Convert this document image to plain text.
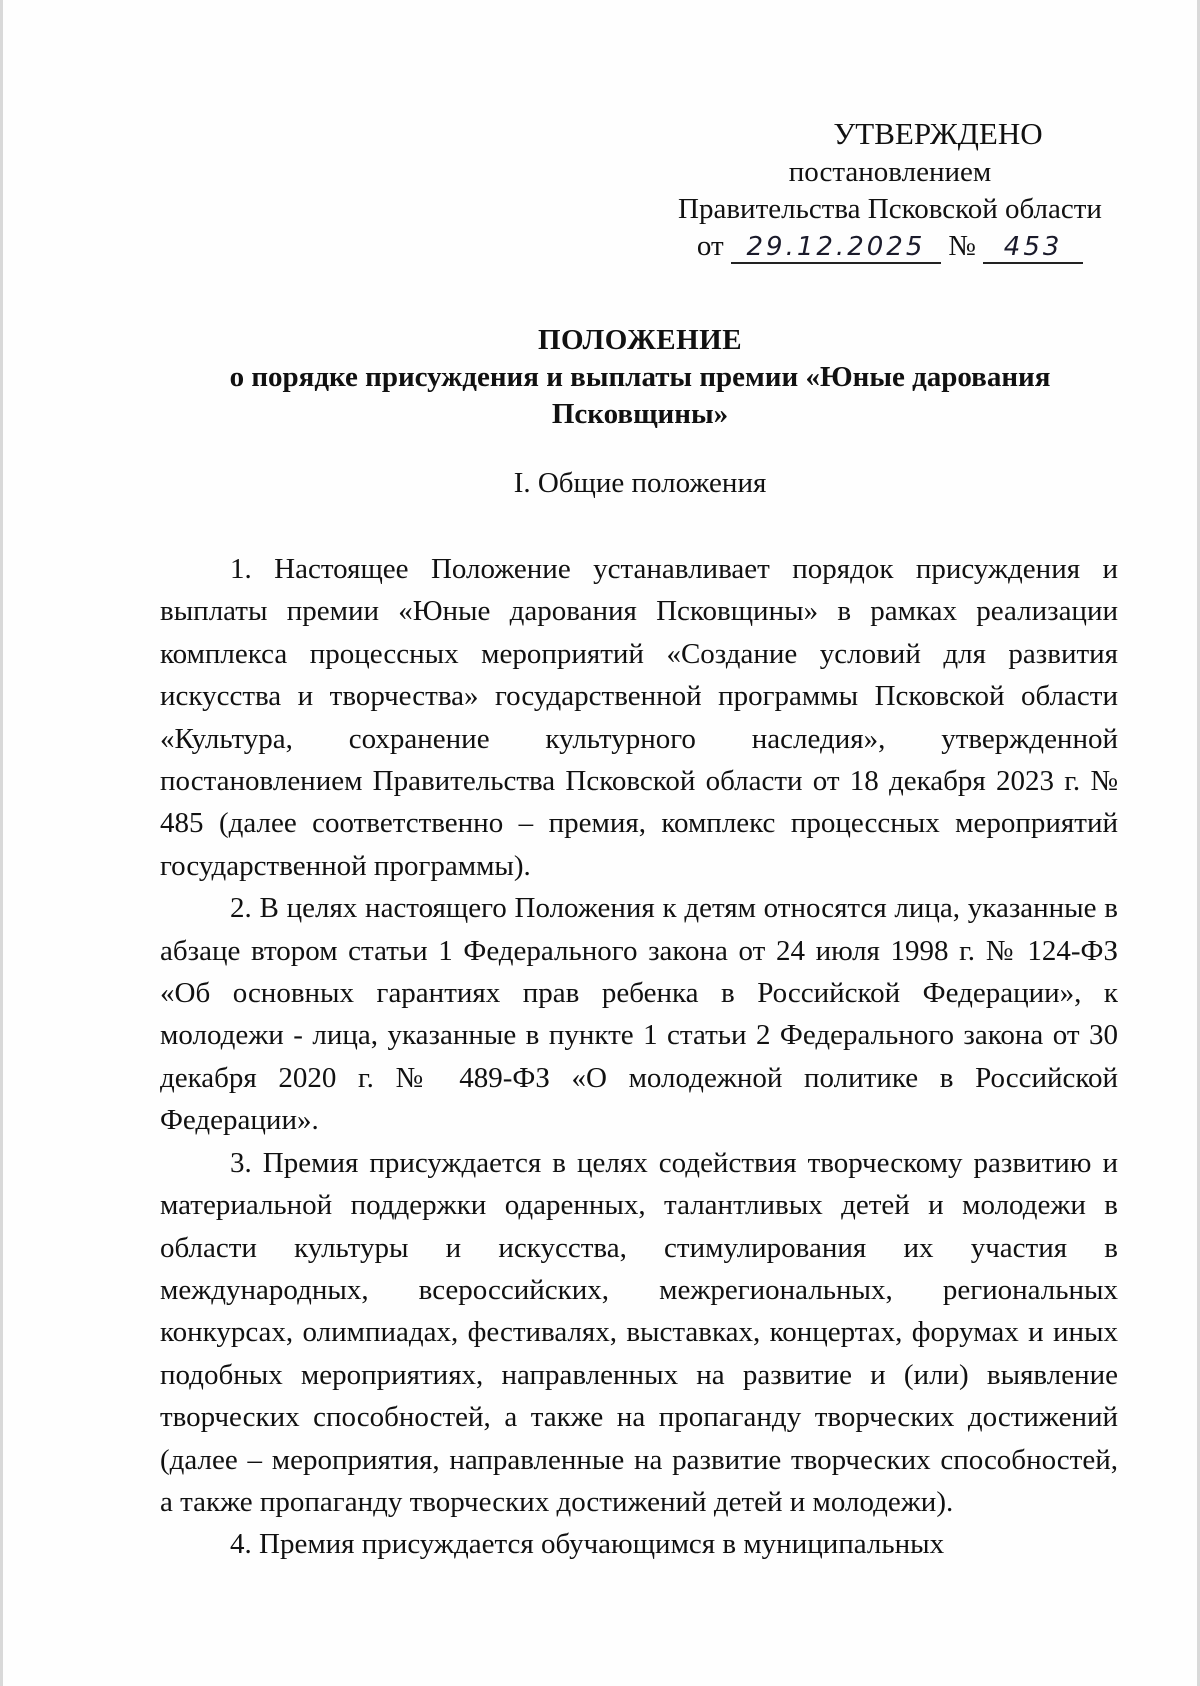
УТВЕРЖДЕНО
постановлением
Правительства Псковской области
от 29.12.2025 № 453
ПОЛОЖЕНИЕ
о порядке присуждения и выплаты премии «Юные дарования Псковщины»
I. Общие положения

1. Настоящее Положение устанавливает порядок присуждения и выплаты премии «Юные дарования Псковщины» в рамках реализации комплекса процессных мероприятий «Создание условий для развития искусства и творчества» государственной программы Псковской области «Культура, сохранение культурного наследия», утвержденной постановлением Правительства Псковской области от 18 декабря 2023 г. № 485 (далее соответственно – премия, комплекс процессных мероприятий государственной программы).

2. В целях настоящего Положения к детям относятся лица, указанные в абзаце втором статьи 1 Федерального закона от 24 июля 1998 г. № 124-ФЗ «Об основных гарантиях прав ребенка в Российской Федерации», к молодежи - лица, указанные в пункте 1 статьи 2 Федерального закона от 30 декабря 2020 г. № 489-ФЗ «О молодежной политике в Российской Федерации».

3. Премия присуждается в целях содействия творческому развитию и материальной поддержки одаренных, талантливых детей и молодежи в области культуры и искусства, стимулирования их участия в международных, всероссийских, межрегиональных, региональных конкурсах, олимпиадах, фестивалях, выставках, концертах, форумах и иных подобных мероприятиях, направленных на развитие и (или) выявление творческих способностей, а также на пропаганду творческих достижений (далее – мероприятия, направленные на развитие творческих способностей, а также пропаганду творческих достижений детей и молодежи).

4. Премия присуждается обучающимся в муниципальных
